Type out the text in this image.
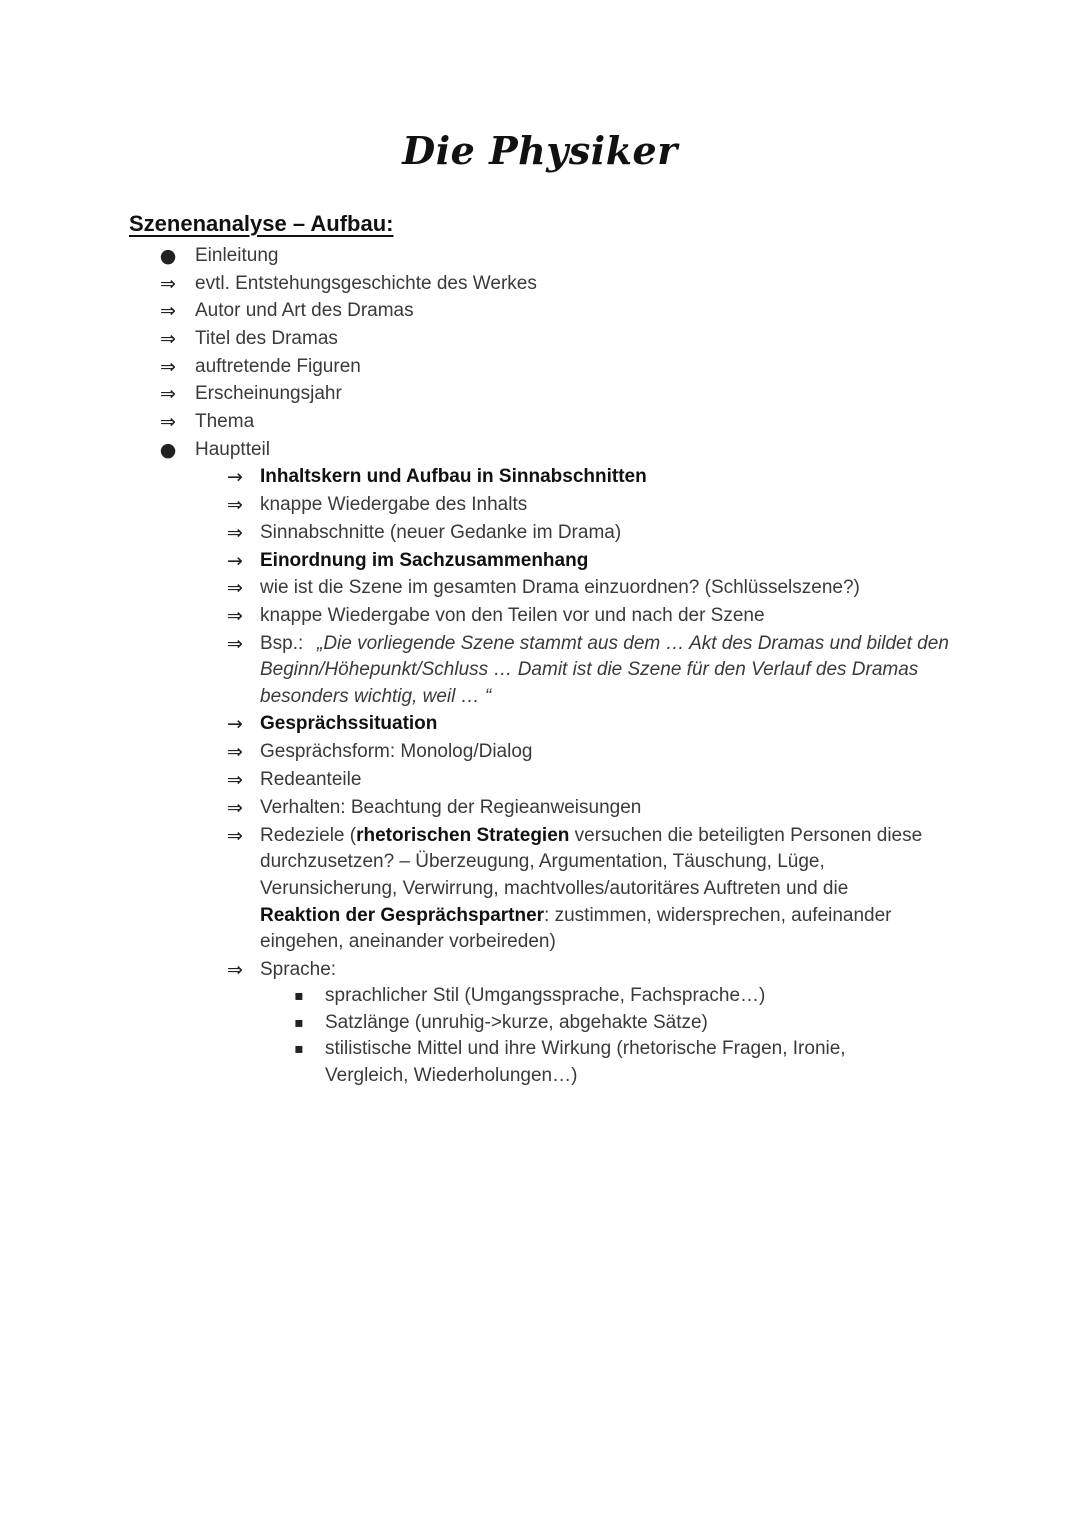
Die Physiker
Szenenanalyse – Aufbau:
● Einleitung
⇒ evtl. Entstehungsgeschichte des Werkes
⇒ Autor und Art des Dramas
⇒ Titel des Dramas
⇒ auftretende Figuren
⇒ Erscheinungsjahr
⇒ Thema
● Hauptteil
→ Inhaltskern und Aufbau in Sinnabschnitten
⇒ knappe Wiedergabe des Inhalts
⇒ Sinnabschnitte (neuer Gedanke im Drama)
→ Einordnung im Sachzusammenhang
⇒ wie ist die Szene im gesamten Drama einzuordnen? (Schlüsselszene?)
⇒ knappe Wiedergabe von den Teilen vor und nach der Szene
⇒ Bsp.: „Die vorliegende Szene stammt aus dem … Akt des Dramas und bildet den
Beginn/Höhepunkt/Schluss … Damit ist die Szene für den Verlauf des Dramas
besonders wichtig, weil … “
→ Gesprächssituation
⇒ Gesprächsform: Monolog/Dialog
⇒ Redeanteile
⇒ Verhalten: Beachtung der Regieanweisungen
⇒ Redeziele (rhetorischen Strategien versuchen die beteiligten Personen diese
durchzusetzen? – Überzeugung, Argumentation, Täuschung, Lüge,
Verunsicherung, Verwirrung, machtvolles/autoritäres Auftreten und die
Reaktion der Gesprächspartner: zustimmen, widersprechen, aufeinander
eingehen, aneinander vorbeireden)
⇒ Sprache:
▪	sprachlicher Stil (Umgangssprache, Fachsprache…)
▪	Satzlänge (unruhig->kurze, abgehakte Sätze)
▪	stilistische Mittel und ihre Wirkung (rhetorische Fragen, Ironie,
Vergleich, Wiederholungen…)
